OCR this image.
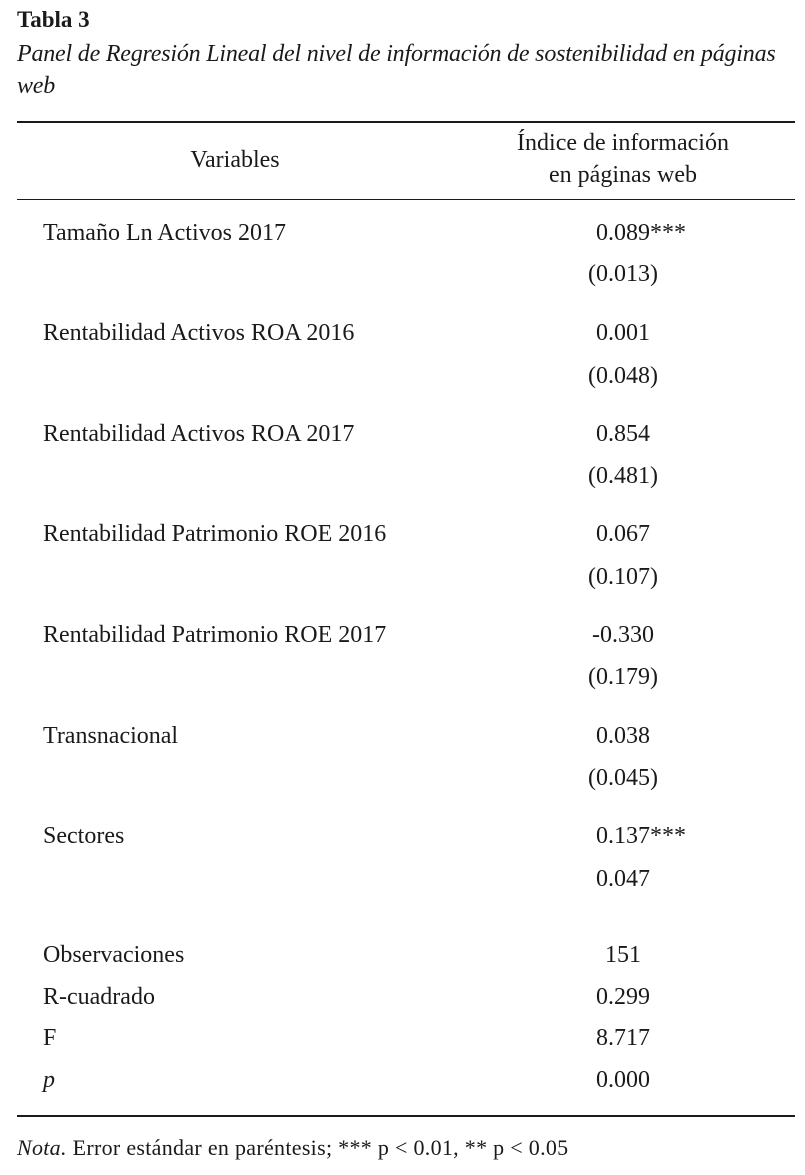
Tabla 3
Panel de Regresión Lineal del nivel de información de sostenibilidad en páginas web
Variables
Índice de información
en páginas web
Tamaño Ln Activos 2017	0.089 ***
(0.013)
Rentabilidad Activos ROA 2016	0.001
(0.048)
Rentabilidad Activos ROA 2017	0.854
(0.481)
Rentabilidad Patrimonio ROE 2016	0.067
(0.107)
Rentabilidad Patrimonio ROE 2017	-0.330
(0.179)
Transnacional	0.038
(0.045)
Sectores	0.137 ***
0.047
Observaciones	151
R-cuadrado	0.299
F	8.717
p	0.000
Nota. Error estándar en paréntesis; *** p < 0.01, ** p < 0.05
